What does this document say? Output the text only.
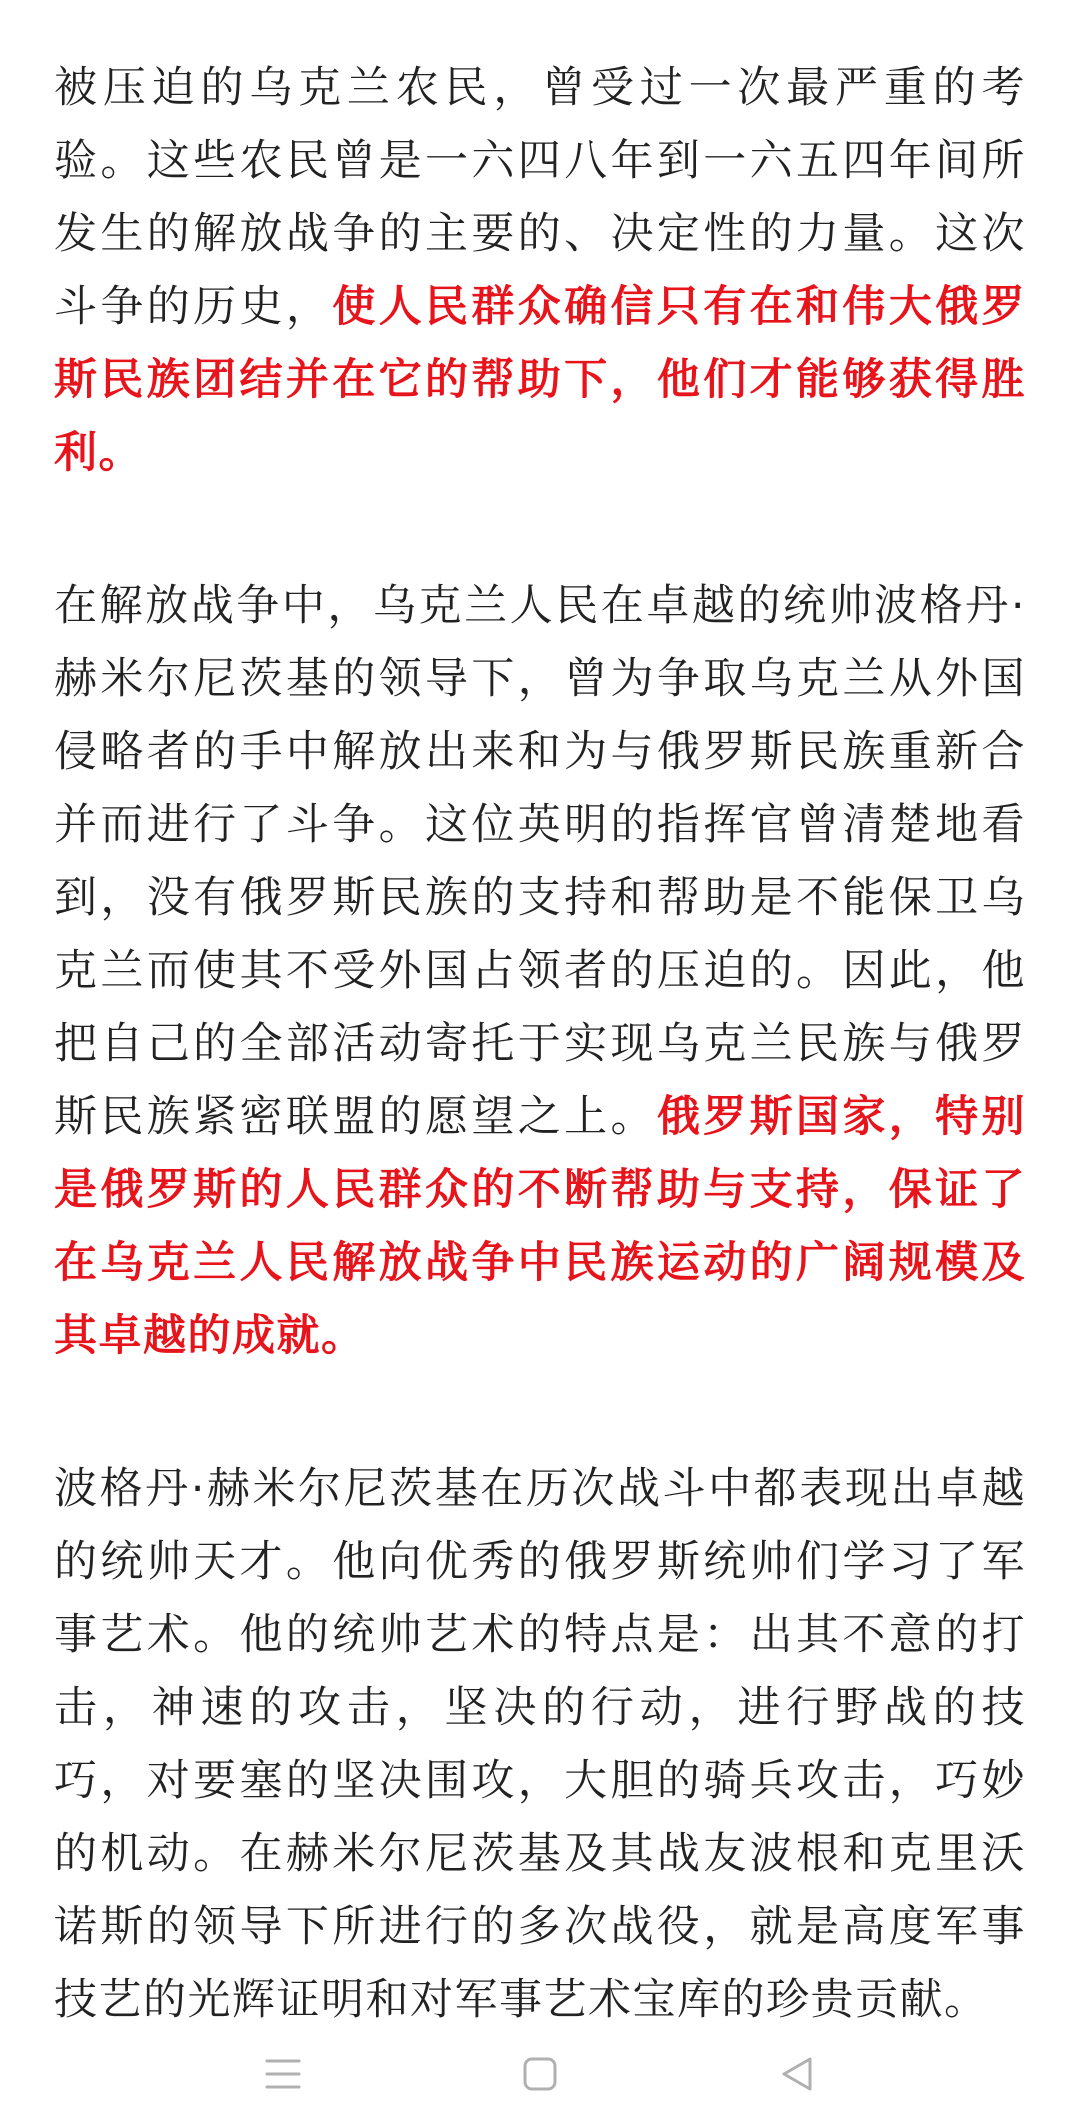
被压迫的乌克兰农民，曾受过一次最严重的考验。这些农民曾是一六四八年到一六五四年间所发生的解放战争的主要的、决定性的力量。这次斗争的历史，使人民群众确信只有在和伟大俄罗斯民族团结并在它的帮助下，他们才能够获得胜利。

在解放战争中，乌克兰人民在卓越的统帅波格丹·赫米尔尼茨基的领导下，曾为争取乌克兰从外国侵略者的手中解放出来和为与俄罗斯民族重新合并而进行了斗争。这位英明的指挥官曾清楚地看到，没有俄罗斯民族的支持和帮助是不能保卫乌克兰而使其不受外国占领者的压迫的。因此，他把自己的全部活动寄托于实现乌克兰民族与俄罗斯民族紧密联盟的愿望之上。俄罗斯国家，特别是俄罗斯的人民群众的不断帮助与支持，保证了在乌克兰人民解放战争中民族运动的广阔规模及其卓越的成就。

波格丹·赫米尔尼茨基在历次战斗中都表现出卓越的统帅天才。他向优秀的俄罗斯统帅们学习了军事艺术。他的统帅艺术的特点是：出其不意的打击，神速的攻击，坚决的行动，进行野战的技巧，对要塞的坚决围攻，大胆的骑兵攻击，巧妙的机动。在赫米尔尼茨基及其战友波根和克里沃诺斯的领导下所进行的多次战役，就是高度军事技艺的光辉证明和对军事艺术宝库的珍贵贡献。
